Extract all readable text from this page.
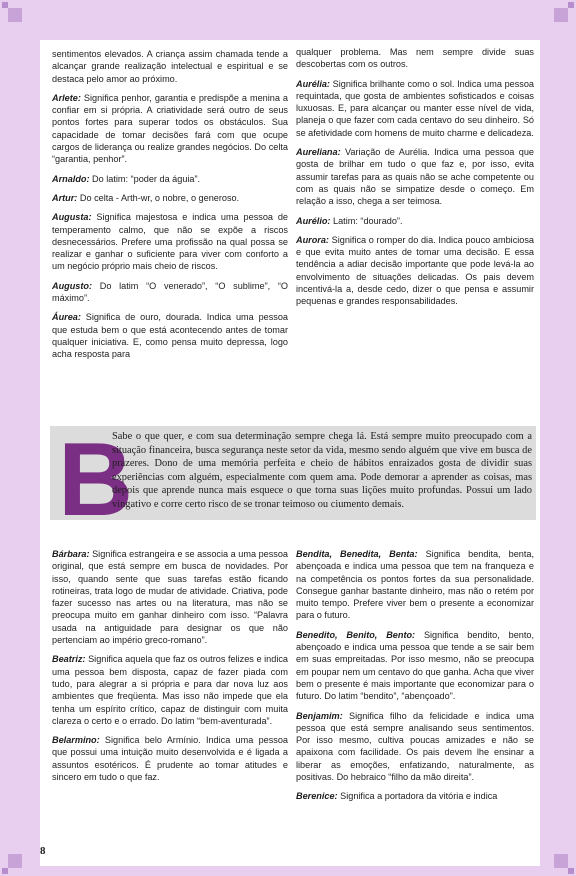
sentimentos elevados. A criança assim chamada tende a alcançar grande realização intelectual e espiritual e se destaca pelo amor ao próximo.

Arlete: Significa penhor, garantia e predispõe a menina a confiar em si própria. A criatividade será outro de seus pontos fortes para superar todos os obstáculos. Sua capacidade de tomar decisões fará com que ocupe cargos de liderança ou realize grandes negócios. Do celta “garantia, penhor”.

Arnaldo: Do latim: “poder da águia”.

Artur: Do celta - Arth-wr, o nobre, o generoso.

Augusta: Significa majestosa e indica uma pessoa de temperamento calmo, que não se expõe a riscos desnecessários. Prefere uma profissão na qual possa se realizar e ganhar o suficiente para viver com conforto a um negócio próprio mais cheio de riscos.

Augusto: Do latim “O venerado”, “O sublime”, “O máximo”.

Áurea: Significa de ouro, dourada. Indica uma pessoa que estuda bem o que está acontecendo antes de tomar qualquer iniciativa. E, como pensa muito depressa, logo acha resposta para

qualquer problema. Mas nem sempre divide suas descobertas com os outros.

Aurélia: Significa brilhante como o sol. Indica uma pessoa requintada, que gosta de ambientes sofisticados e coisas luxuosas. E, para alcançar ou manter esse nível de vida, planeja o que fazer com cada centavo do seu dinheiro. Só se afetividade com homens de muito charme e delicadeza.

Aureliana: Variação de Aurélia. Indica uma pessoa que gosta de brilhar em tudo o que faz e, por isso, evita assumir tarefas para as quais não se ache competente ou com as quais não se simpatize desde o começo. Em relação a isso, chega a ser teimosa.

Aurélio: Latim: “dourado”.

Aurora: Significa o romper do dia. Indica pouco ambiciosa e que evita muito antes de tomar uma decisão. E essa tendência a adiar decisão importante que pode levá-la ao envolvimento de situações delicadas. Os pais devem incentivá-la a, desde cedo, dizer o que pensa e assumir pequenas e grandes responsabilidades.

B
Sabe o que quer, e com sua determinação sempre chega lá. Está sempre muito preocupado com a situação financeira, busca segurança neste setor da vida, mesmo sendo alguém que vive em busca de prazeres. Dono de uma memória perfeita e cheio de hábitos enraizados gosta de dividir suas experiências com alguém, especialmente com quem ama. Pode demorar a aprender as coisas, mas depois que aprende nunca mais esquece o que torna suas lições muito profundas. Possui um lado vingativo e corre certo risco de se tronar teimoso ou ciumento demais.

Bárbara: Significa estrangeira e se associa a uma pessoa original, que está sempre em busca de novidades. Por isso, quando sente que suas tarefas estão ficando rotineiras, trata logo de mudar de atividade. Criativa, pode fazer sucesso nas artes ou na literatura, mas não se preocupa muito em ganhar dinheiro com isso. “Palavra usada na antiguidade para designar os que não pertenciam ao império greco-romano”.

Beatriz: Significa aquela que faz os outros felizes e indica uma pessoa bem disposta, capaz de fazer piada com tudo, para alegrar a si própria e para dar nova luz aos ambientes que freqüenta. Mas isso não impede que ela tenha um espírito crítico, capaz de distinguir com muita clareza o certo e o errado. Do latim “bem-aventurada”.

Belarmino: Significa belo Armínio. Indica uma pessoa que possui uma intuição muito desenvolvida e é ligada a assuntos esotéricos. É prudente ao tomar atitudes e sincero em tudo o que faz.

Bendita, Benedita, Benta: Significa bendita, benta, abençoada e indica uma pessoa que tem na franqueza e na competência os pontos fortes da sua personalidade. Consegue ganhar bastante dinheiro, mas não o retém por muito tempo. Prefere viver bem o presente a economizar para o futuro.

Benedito, Benito, Bento: Significa bendito, bento, abençoado e indica uma pessoa que tende a se sair bem em suas empreitadas. Por isso mesmo, não se preocupa em poupar nem um centavo do que ganha. Acha que viver bem o presente é mais importante que economizar para o futuro. Do latim “bendito”, “abençoado”.

Benjamim: Significa filho da felicidade e indica uma pessoa que está sempre analisando seus sentimentos. Por isso mesmo, cultiva poucas amizades e não se apaixona com facilidade. Os pais devem lhe ensinar a liberar as emoções, enfatizando, naturalmente, as positivas. Do hebraico “filho da mão direita”.

Berenice: Significa a portadora da vitória e indica

8
